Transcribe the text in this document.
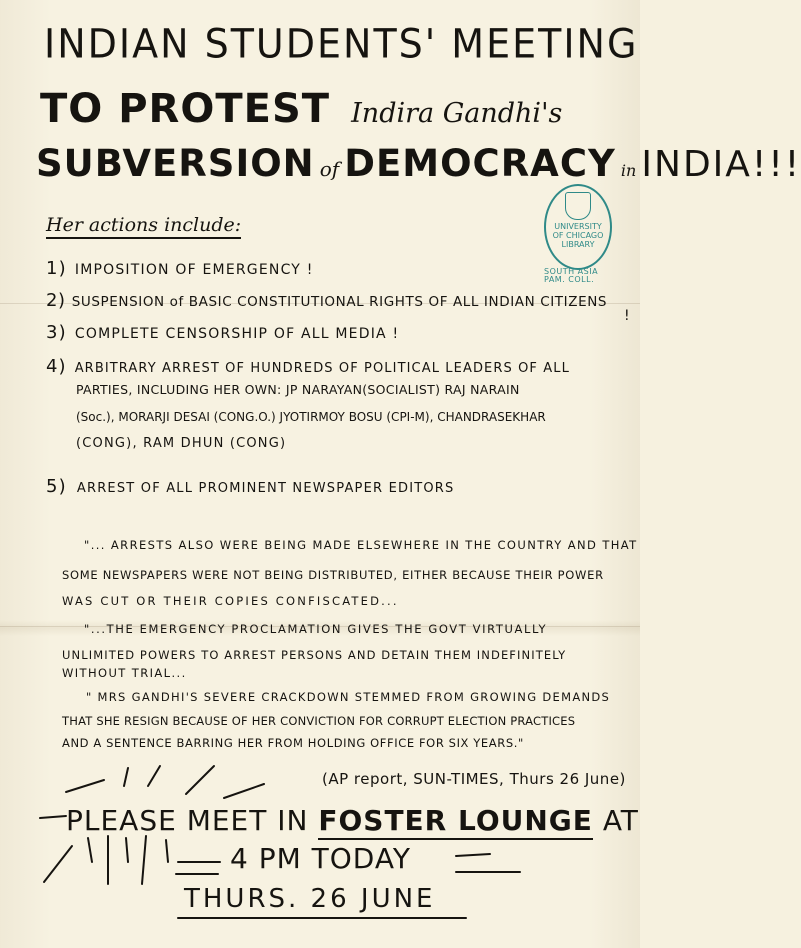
INDIAN STUDENTS' MEETING
TO PROTEST Indira Gandhi's
SUBVERSION of DEMOCRACY in INDIA!!!
UNIVERSITY
OF CHICAGO
LIBRARY
SOUTH ASIA
PAM. COLL.
Her actions include:
1) IMPOSITION OF EMERGENCY !
2) SUSPENSION of BASIC CONSTITUTIONAL RIGHTS OF ALL INDIAN CITIZENS
!
3) COMPLETE CENSORSHIP OF ALL MEDIA !
4) ARBITRARY ARREST OF HUNDREDS OF POLITICAL LEADERS OF ALL
PARTIES, INCLUDING HER OWN: JP NARAYAN(SOCIALIST) RAJ NARAIN
(Soc.), MORARJI DESAI (CONG.O.) JYOTIRMOY BOSU (CPI-M), CHANDRASEKHAR
(CONG), RAM DHUN (CONG)
5) ARREST OF ALL PROMINENT NEWSPAPER EDITORS
"... ARRESTS ALSO WERE BEING MADE ELSEWHERE IN THE COUNTRY AND THAT
SOME NEWSPAPERS WERE NOT BEING DISTRIBUTED, EITHER BECAUSE THEIR POWER
WAS CUT OR THEIR COPIES CONFISCATED...
"...THE EMERGENCY PROCLAMATION GIVES THE GOVT VIRTUALLY
UNLIMITED POWERS TO ARREST PERSONS AND DETAIN THEM INDEFINITELY
WITHOUT TRIAL...
" MRS GANDHI'S SEVERE CRACKDOWN STEMMED FROM GROWING DEMANDS
THAT SHE RESIGN BECAUSE OF HER CONVICTION FOR CORRUPT ELECTION PRACTICES
AND A SENTENCE BARRING HER FROM HOLDING OFFICE FOR SIX YEARS."
(AP report, SUN-TIMES, Thurs 26 June)
PLEASE MEET IN FOSTER LOUNGE AT
4 PM TODAY
THURS. 26 JUNE
